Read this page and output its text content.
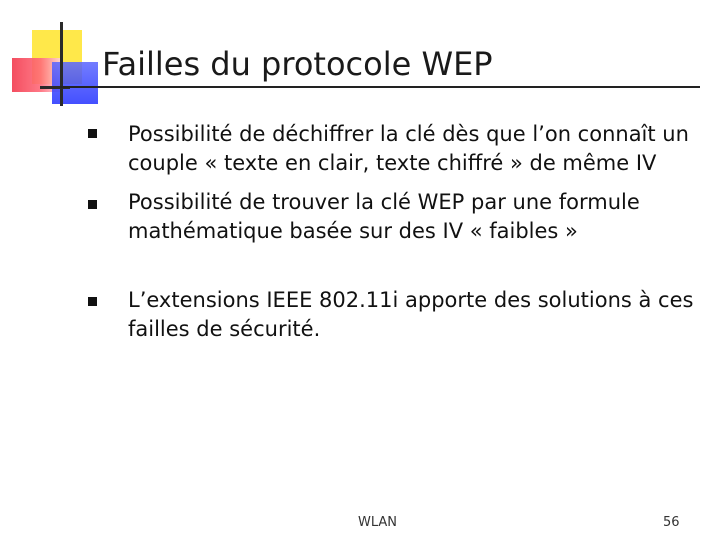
Failles du protocole WEP
Possibilité de déchiffrer la clé dès que l’on connaît un couple « texte en clair, texte chiffré » de même IV
Possibilité de trouver la clé WEP par une formule mathématique basée sur des IV « faibles »
L’extensions IEEE 802.11i apporte des solutions à ces failles de sécurité.
WLAN	56
